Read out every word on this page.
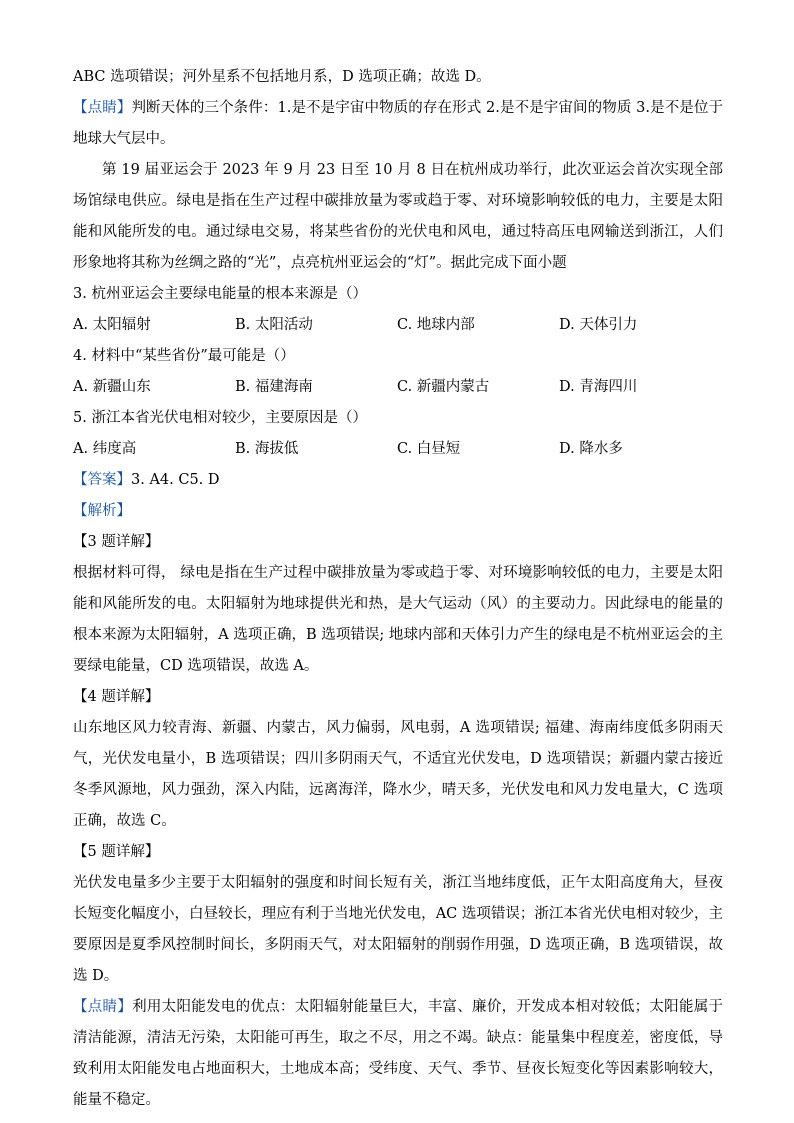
ABC 选项错误；河外星系不包括地月系，D 选项正确；故选 D。

【点睛】判断天体的三个条件：1.是不是宇宙中物质的存在形式 2.是不是宇宙间的物质 3.是不是位于地球大气层中。

第 19 届亚运会于 2023 年 9 月 23 日至 10 月 8 日在杭州成功举行，此次亚运会首次实现全部场馆绿电供应。绿电是指在生产过程中碳排放量为零或趋于零、对环境影响较低的电力，主要是太阳能和风能所发的电。通过绿电交易，将某些省份的光伏电和风电，通过特高压电网输送到浙江，人们形象地将其称为丝绸之路的“光”，点亮杭州亚运会的“灯”。据此完成下面小题

3. 杭州亚运会主要绿电能量的根本来源是（）

A. 太阳辐射	B. 太阳活动	C. 地球内部	D. 天体引力

4. 材料中“某些省份”最可能是（）

A. 新疆山东	B. 福建海南	C. 新疆内蒙古	D. 青海四川

5. 浙江本省光伏电相对较少，主要原因是（）

A. 纬度高	B. 海拔低	C. 白昼短	D. 降水多

【答案】3. A4. C5. D

【解析】

【3 题详解】

根据材料可得， 绿电是指在生产过程中碳排放量为零或趋于零、对环境影响较低的电力，主要是太阳能和风能所发的电。太阳辐射为地球提供光和热，是大气运动（风）的主要动力。因此绿电的能量的根本来源为太阳辐射，A 选项正确，B 选项错误; 地球内部和天体引力产生的绿电是不杭州亚运会的主要绿电能量，CD 选项错误，故选 A。

【4 题详解】

山东地区风力较青海、新疆、内蒙古，风力偏弱，风电弱，A 选项错误; 福建、海南纬度低多阴雨天气，光伏发电量小，B 选项错误；四川多阴雨天气，不适宜光伏发电，D 选项错误；新疆内蒙古接近冬季风源地，风力强劲，深入内陆，远离海洋，降水少，晴天多，光伏发电和风力发电量大，C 选项正确，故选 C。

【5 题详解】

光伏发电量多少主要于太阳辐射的强度和时间长短有关，浙江当地纬度低，正午太阳高度角大，昼夜长短变化幅度小，白昼较长，理应有利于当地光伏发电，AC 选项错误；浙江本省光伏电相对较少，主要原因是夏季风控制时间长，多阴雨天气，对太阳辐射的削弱作用强，D 选项正确，B 选项错误，故选 D。

【点睛】利用太阳能发电的优点：太阳辐射能量巨大，丰富、廉价，开发成本相对较低；太阳能属于清洁能源，清洁无污染，太阳能可再生，取之不尽，用之不竭。缺点：能量集中程度差，密度低，导致利用太阳能发电占地面积大，土地成本高；受纬度、天气、季节、昼夜长短变化等因素影响较大，能量不稳定。
